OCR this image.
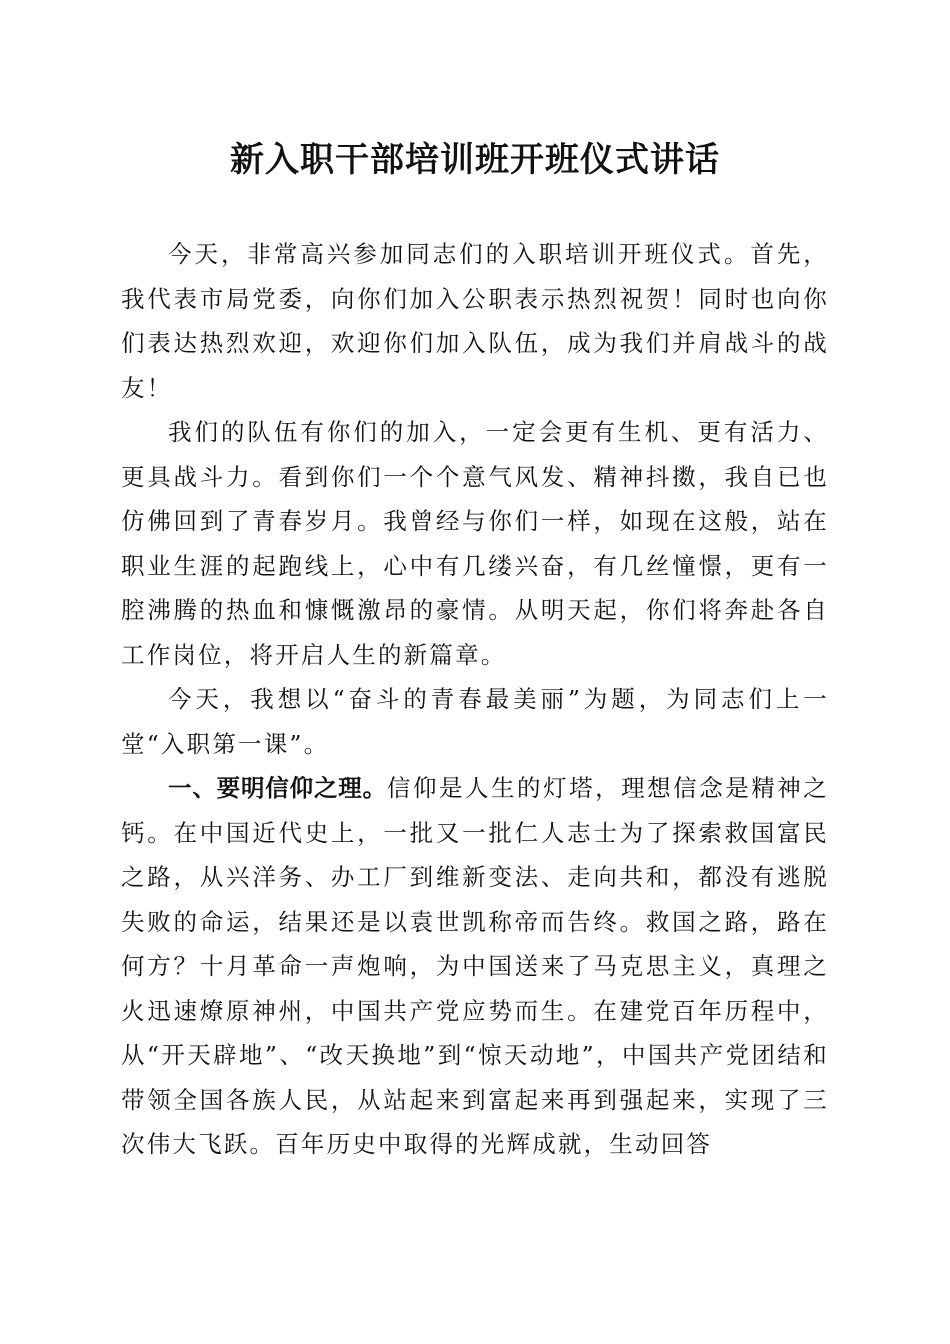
新入职干部培训班开班仪式讲话

今天，非常高兴参加同志们的入职培训开班仪式。首先，我代表市局党委，向你们加入公职表示热烈祝贺！同时也向你们表达热烈欢迎，欢迎你们加入队伍，成为我们并肩战斗的战友！

我们的队伍有你们的加入，一定会更有生机、更有活力、更具战斗力。看到你们一个个意气风发、精神抖擞，我自已也仿佛回到了青春岁月。我曾经与你们一样，如现在这般，站在职业生涯的起跑线上，心中有几缕兴奋，有几丝憧憬，更有一腔沸腾的热血和慷慨激昂的豪情。从明天起，你们将奔赴各自工作岗位，将开启人生的新篇章。

今天，我想以“奋斗的青春最美丽”为题，为同志们上一堂“入职第一课”。

一、要明信仰之理。信仰是人生的灯塔，理想信念是精神之钙。在中国近代史上，一批又一批仁人志士为了探索救国富民之路，从兴洋务、办工厂到维新变法、走向共和，都没有逃脱失败的命运，结果还是以袁世凯称帝而告终。救国之路，路在何方？十月革命一声炮响，为中国送来了马克思主义，真理之火迅速燎原神州，中国共产党应势而生。在建党百年历程中，从“开天辟地”、“改天换地”到“惊天动地”，中国共产党团结和带领全国各族人民，从站起来到富起来再到强起来，实现了三次伟大飞跃。百年历史中取得的光辉成就，生动回答
